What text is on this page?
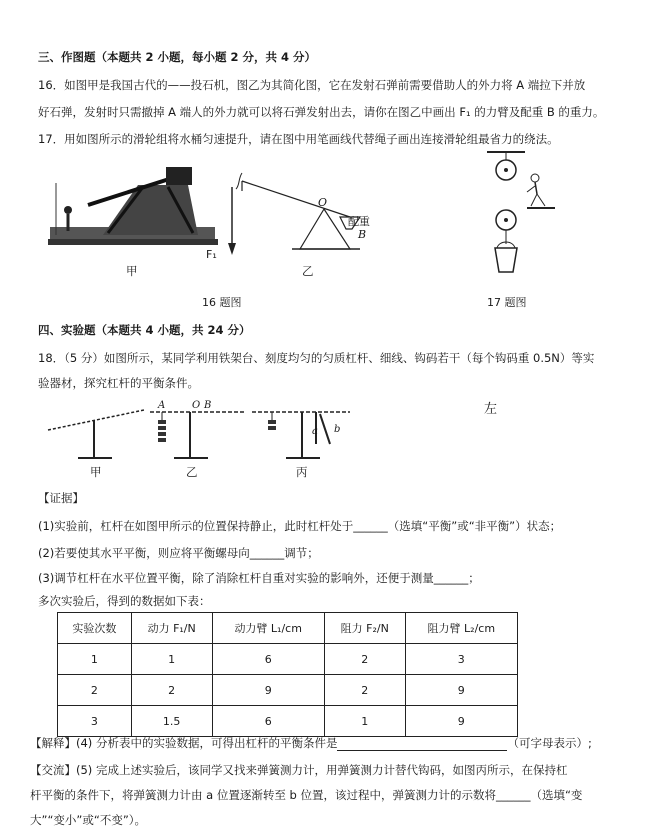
三、作图题（本题共 2 小题，每小题 2 分，共 4 分）
16．如图甲是我国古代的——投石机，图乙为其简化图，它在发射石弹前需要借助人的外力将 A 端拉下并放
好石弹，发射时只需撤掉 A 端人的外力就可以将石弹发射出去，请你在图乙中画出 F₁ 的力臂及配重 B 的重力。
17．用如图所示的滑轮组将水桶匀速提升，请在图中用笔画线代替绳子画出连接滑轮组最省力的绕法。
甲
O
配重
B
F₁
乙
16 题图	17 题图
四、实验题（本题共 4 小题，共 24 分）
18．（5 分）如图所示，某同学利用铁架台、刻度均匀的匀质杠杆、细线、钩码若干（每个钩码重 0.5N）等实
验器材，探究杠杆的平衡条件。
左
A	O B
a b
甲	乙	丙
【证据】
(1)实验前，杠杆在如图甲所示的位置保持静止，此时杠杆处于______（选填“平衡”或“非平衡”）状态；
(2)若要使其水平平衡，则应将平衡螺母向______调节；
(3)调节杠杆在水平位置平衡，除了消除杠杆自重对实验的影响外，还便于测量______；
多次实验后，得到的数据如下表：
实验次数	动力 F₁/N	动力臂 L₁/cm	阻力 F₂/N	阻力臂 L₂/cm
1	1	6	2	3
2	2	9	2	9
3	1.5	6	1	9
【解释】(4) 分析表中的实验数据，可得出杠杆的平衡条件是	（可字母表示）;
【交流】(5) 完成上述实验后，该同学又找来弹簧测力计，用弹簧测力计替代钩码，如图丙所示，在保持杠
杆平衡的条件下，将弹簧测力计由 a 位置逐渐转至 b 位置，该过程中，弹簧测力计的示数将______（选填“变
大”“变小”或“不变”）。
